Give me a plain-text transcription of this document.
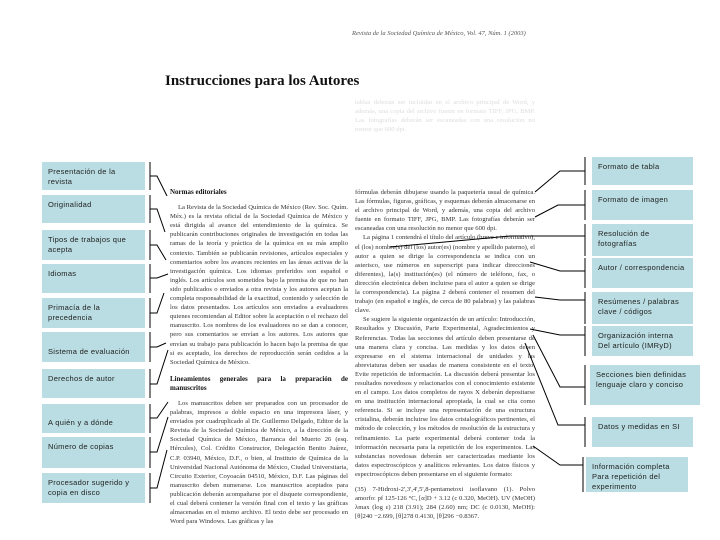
Revista de la Sociedad Química de México, Vol. 47, Núm. 1 (2003)
Instrucciones para los Autores
tablas deberán ser incluidas en el archivo principal de Word, y además, una copia del archivo fuente en formato TIFF, JPG, BMP. Las fotografías deberán ser escaneadas con una resolución no menor que 600 dpi.

Normas editoriales

La Revista de la Sociedad Química de México (Rev. Soc. Quím. Méx.) es la revista oficial de la Sociedad Química de México y está dirigida al avance del entendimiento de la química. Se publicarán contribuciones originales de investigación en todas las ramas de la teoría y práctica de la química en su más amplio contexto. También se publicarán revisiones, artículos especiales y comentarios sobre los avances recientes en las áreas activas de la investigación química. Los idiomas preferidos son español e inglés. Los artículos son sometidos bajo la premisa de que no han sido publicados o enviados a otra revista y los autores aceptan la completa responsabilidad de la exactitud, contenido y selección de los datos presentados. Los artículos son enviados a evaluadores quienes recomiendan al Editor sobre la aceptación o el rechazo del manuscrito. Los nombres de los evaluadores no se dan a conocer, pero sus comentarios se envían a los autores. Los autores que envían su trabajo para publicación lo hacen bajo la premisa de que si es aceptado, los derechos de reproducción serán cedidos a la Sociedad Química de México.

Lineamientos generales para la preparación de manuscritos

Los manuscritos deben ser preparados con un procesador de palabras, impresos a doble espacio en una impresora láser, y enviados por cuadruplicado al Dr. Guillermo Delgado, Editor de la Revista de la Sociedad Química de México, a la dirección de la Sociedad Química de México, Barranca del Muerto 26 (esq. Hércules), Col. Crédito Constructor, Delegación Benito Juárez, C.P. 03940, México, D.F., o bien, al Instituto de Química de la Universidad Nacional Autónoma de México, Ciudad Universitaria, Circuito Exterior, Coyoacán 04510, México, D.F. Las páginas del manuscrito deben numerarse. Los manuscritos aceptados para publicación deberán acompañarse por el disquete correspondiente, el cual deberá contener la versión final con el texto y las gráficas almacenadas en el mismo archivo. El texto debe ser procesado en Word para Windows. Las gráficas y las

fórmulas deberán dibujarse usando la paquetería usual de química. Las fórmulas, figuras, gráficas, y esquemas deberán almacenarse en el archivo principal de Word, y además, una copia del archivo fuente en formato TIFF, JPG, BMP. Las fotografías deberán ser escaneadas con una resolución no menor que 600 dpi.

La página 1 contendrá el título del artículo (breve e informativo), el (los) nombre(s) del (los) autor(es) (nombre y apellido paterno), el autor a quien se dirige la correspondencia se indica con un asterisco, use números en superscript para indicar direcciones diferentes), la(s) institución(es) (el número de teléfono, fax, o dirección electrónica deben incluirse para el autor a quien se dirige la correspondencia). La página 2 deberá contener el resumen del trabajo (en español e inglés, de cerca de 80 palabras) y las palabras clave.

Se sugiere la siguiente organización de un artículo: Introducción, Resultados y Discusión, Parte Experimental, Agradecimientos y Referencias. Todas las secciones del artículo deben presentarse de una manera clara y concisa. Las medidas y los datos deben expresarse en el sistema internacional de unidades y las abreviaturas deben ser usadas de manera consistente en el texto. Evite repetición de información. La discusión deberá presentar los resultados novedosos y relacionarlos con el conocimiento existente en el campo. Los datos completos de rayos X deberán depositarse en una institución internacional apropiada, la cual se cita como referencia. Si se incluye una representación de una estructura cristalina, deberán incluirse los datos cristalográficos pertinentes, el método de colección, y los métodos de resolución de la estructura y refinamiento. La parte experimental deberá contener toda la información necesaria para la repetición de los experimentos. Las substancias novedosas deberán ser caracterizadas mediante los datos espectroscópicos y analíticos relevantes. Los datos físicos y espectroscópicos deben presentarse en el siguiente formato:

(35) 7-Hidroxi-2',3',4',5',8-pentametoxi isoflavano (1). Polvo amorfo: pf 125-126 °C, [α]D + 3.12 (c 0.320, MeOH). UV (MeOH) λmax (log ε) 218 (3.91); 284 (2.60) nm; DC (c 0.0130, MeOH): [θ]240 −2.699, [θ]278 0.4130, [θ]296 −0.8367.

Presentación de la revista
Originalidad
Tipos de trabajos que acepta
Idiomas
Primacía de la precedencia
Sistema de evaluación
Derechos de autor
A quién y a dónde
Número de copias
Procesador sugerido y copia en disco
Formato de tabla
Formato de imagen
Resolución de fotografías
Autor / correspondencia
Resúmenes / palabras clave / códigos
Organización interna Del artículo (IMRyD)
Secciones bien definidas lenguaje claro y conciso
Datos y medidas en SI
Información completa Para repetición del experimento
